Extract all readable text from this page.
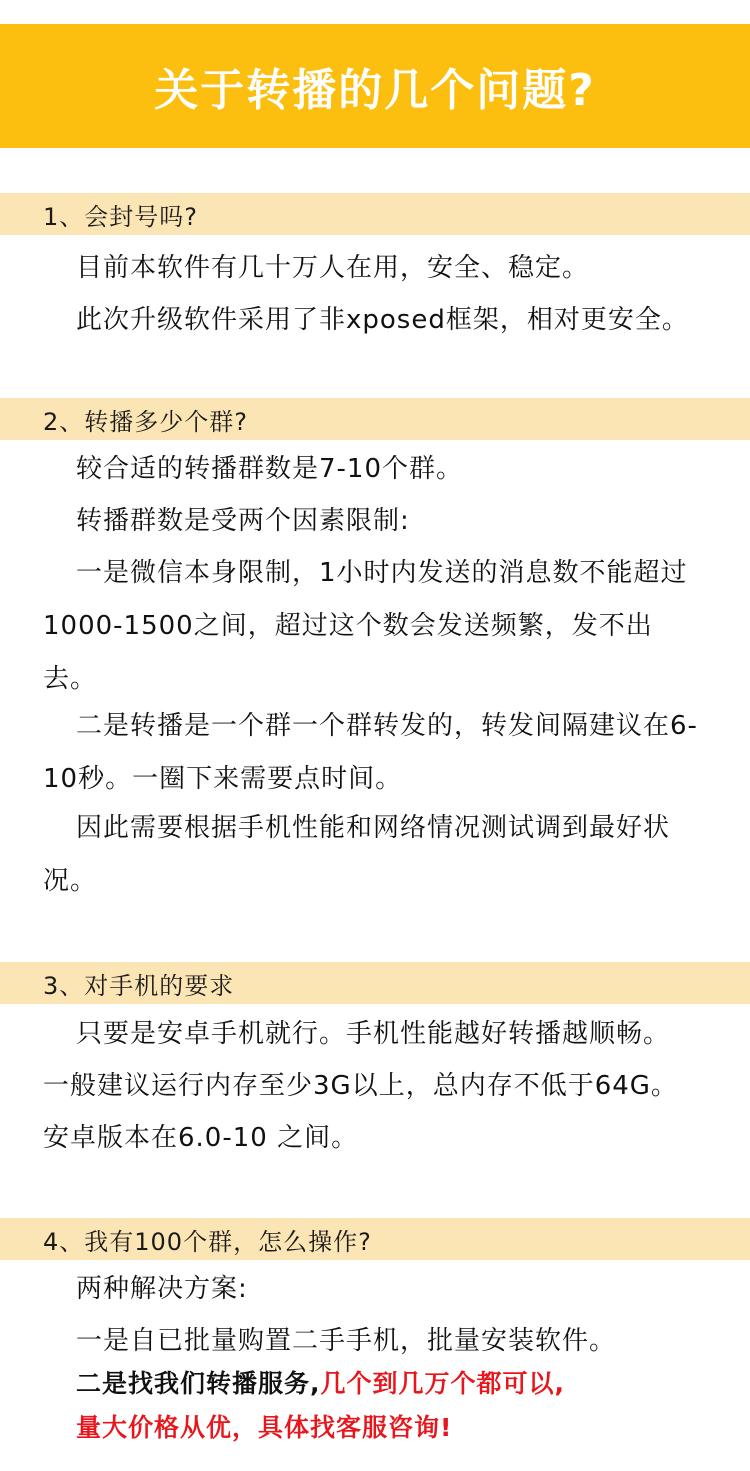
关于转播的几个问题?
1、会封号吗?

目前本软件有几十万人在用，安全、稳定。

此次升级软件采用了非xposed框架，相对更安全。

2、转播多少个群?

较合适的转播群数是7-10个群。

转播群数是受两个因素限制:

一是微信本身限制，1小时内发送的消息数不能超过1000-1500之间，超过这个数会发送频繁，发不出去。

二是转播是一个群一个群转发的，转发间隔建议在6-10秒。一圈下来需要点时间。

因此需要根据手机性能和网络情况测试调到最好状况。

3、对手机的要求

只要是安卓手机就行。手机性能越好转播越顺畅。

一般建议运行内存至少3G以上，总内存不低于64G。

安卓版本在6.0-10 之间。

4、我有100个群，怎么操作?

两种解决方案:

一是自已批量购置二手手机，批量安装软件。

二是找我们转播服务,几个到几万个都可以,

量大价格从优，具体找客服咨询!
